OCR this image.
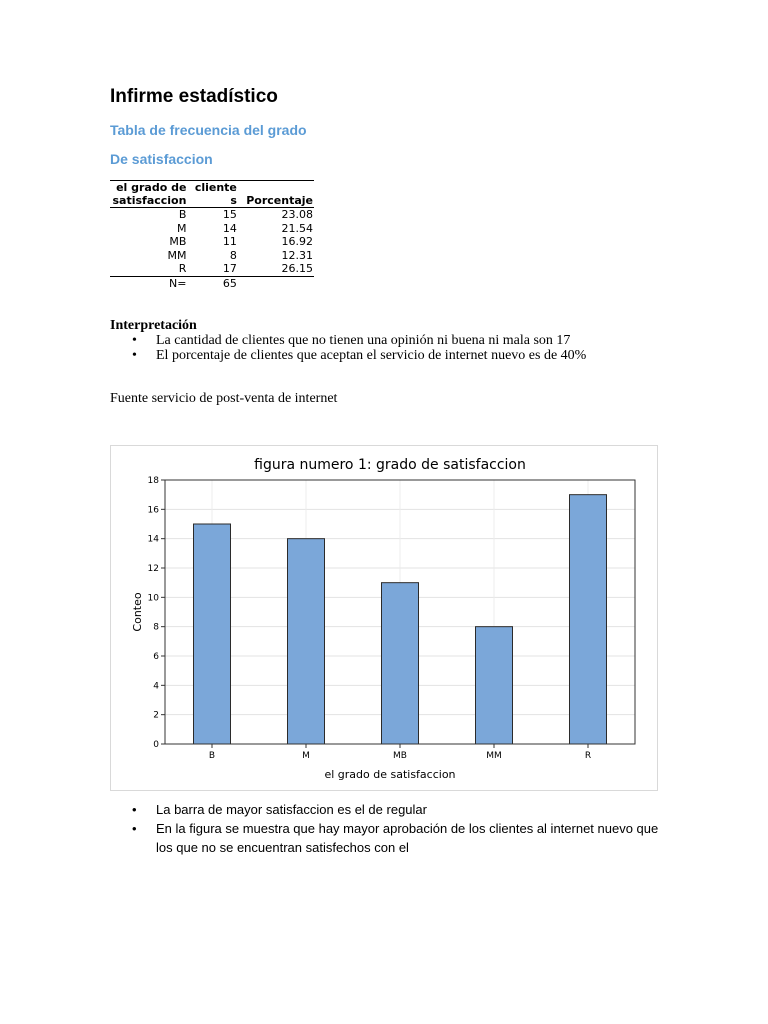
Infirme estadístico
Tabla de frecuencia del grado
De satisfaccion
el grado de satisfaccion	clientes	Porcentaje
B	15	23.08
M	14	21.54
MB	11	16.92
MM	8	12.31
R	17	26.15
N=	65	
Interpretación
• La cantidad de clientes que no tienen una opinión ni buena ni mala son 17
• El porcentaje de clientes que aceptan el servicio de internet nuevo es de 40%
Fuente servicio de post-venta de internet
0
2
4
6
8
10
12
14
16
18
B	M	MB	MM	R
figura numero 1: grado de satisfaccion
el grado de satisfaccion
Conteo
• La barra de mayor satisfaccion es el de regular
• En la figura se muestra que hay mayor aprobación de los clientes al internet nuevo que los que no se encuentran satisfechos con el
